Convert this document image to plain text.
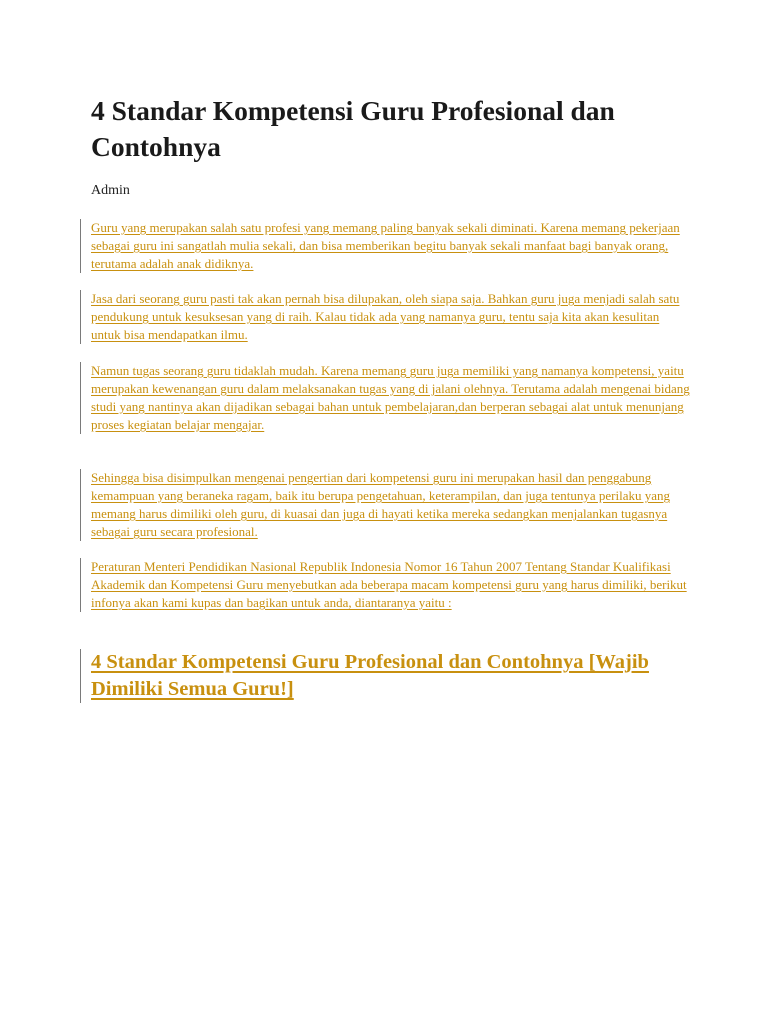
4 Standar Kompetensi Guru Profesional dan Contohnya

Admin

Guru yang merupakan salah satu profesi yang memang paling banyak sekali diminati. Karena memang pekerjaan sebagai guru ini sangatlah mulia sekali, dan bisa memberikan begitu banyak sekali manfaat bagi banyak orang, terutama adalah anak didiknya.

Jasa dari seorang guru pasti tak akan pernah bisa dilupakan, oleh siapa saja. Bahkan guru juga menjadi salah satu pendukung untuk kesuksesan yang di raih. Kalau tidak ada yang namanya guru, tentu saja kita akan kesulitan untuk bisa mendapatkan ilmu.

Namun tugas seorang guru tidaklah mudah. Karena memang guru juga memiliki yang namanya kompetensi, yaitu merupakan kewenangan guru dalam melaksanakan tugas yang di jalani olehnya. Terutama adalah mengenai bidang studi yang nantinya akan dijadikan sebagai bahan untuk pembelajaran,dan berperan sebagai alat untuk menunjang proses kegiatan belajar mengajar.

Sehingga bisa disimpulkan mengenai pengertian dari kompetensi guru ini merupakan hasil dan penggabung kemampuan yang beraneka ragam, baik itu berupa pengetahuan, keterampilan, dan juga tentunya perilaku yang memang harus dimiliki oleh guru, di kuasai dan juga di hayati ketika mereka sedangkan menjalankan tugasnya sebagai guru secara profesional.

Peraturan Menteri Pendidikan Nasional Republik Indonesia Nomor 16 Tahun 2007 Tentang Standar Kualifikasi Akademik dan Kompetensi Guru menyebutkan ada beberapa macam kompetensi guru yang harus dimiliki, berikut infonya akan kami kupas dan bagikan untuk anda, diantaranya yaitu :

4 Standar Kompetensi Guru Profesional dan Contohnya [Wajib Dimiliki Semua Guru!]
